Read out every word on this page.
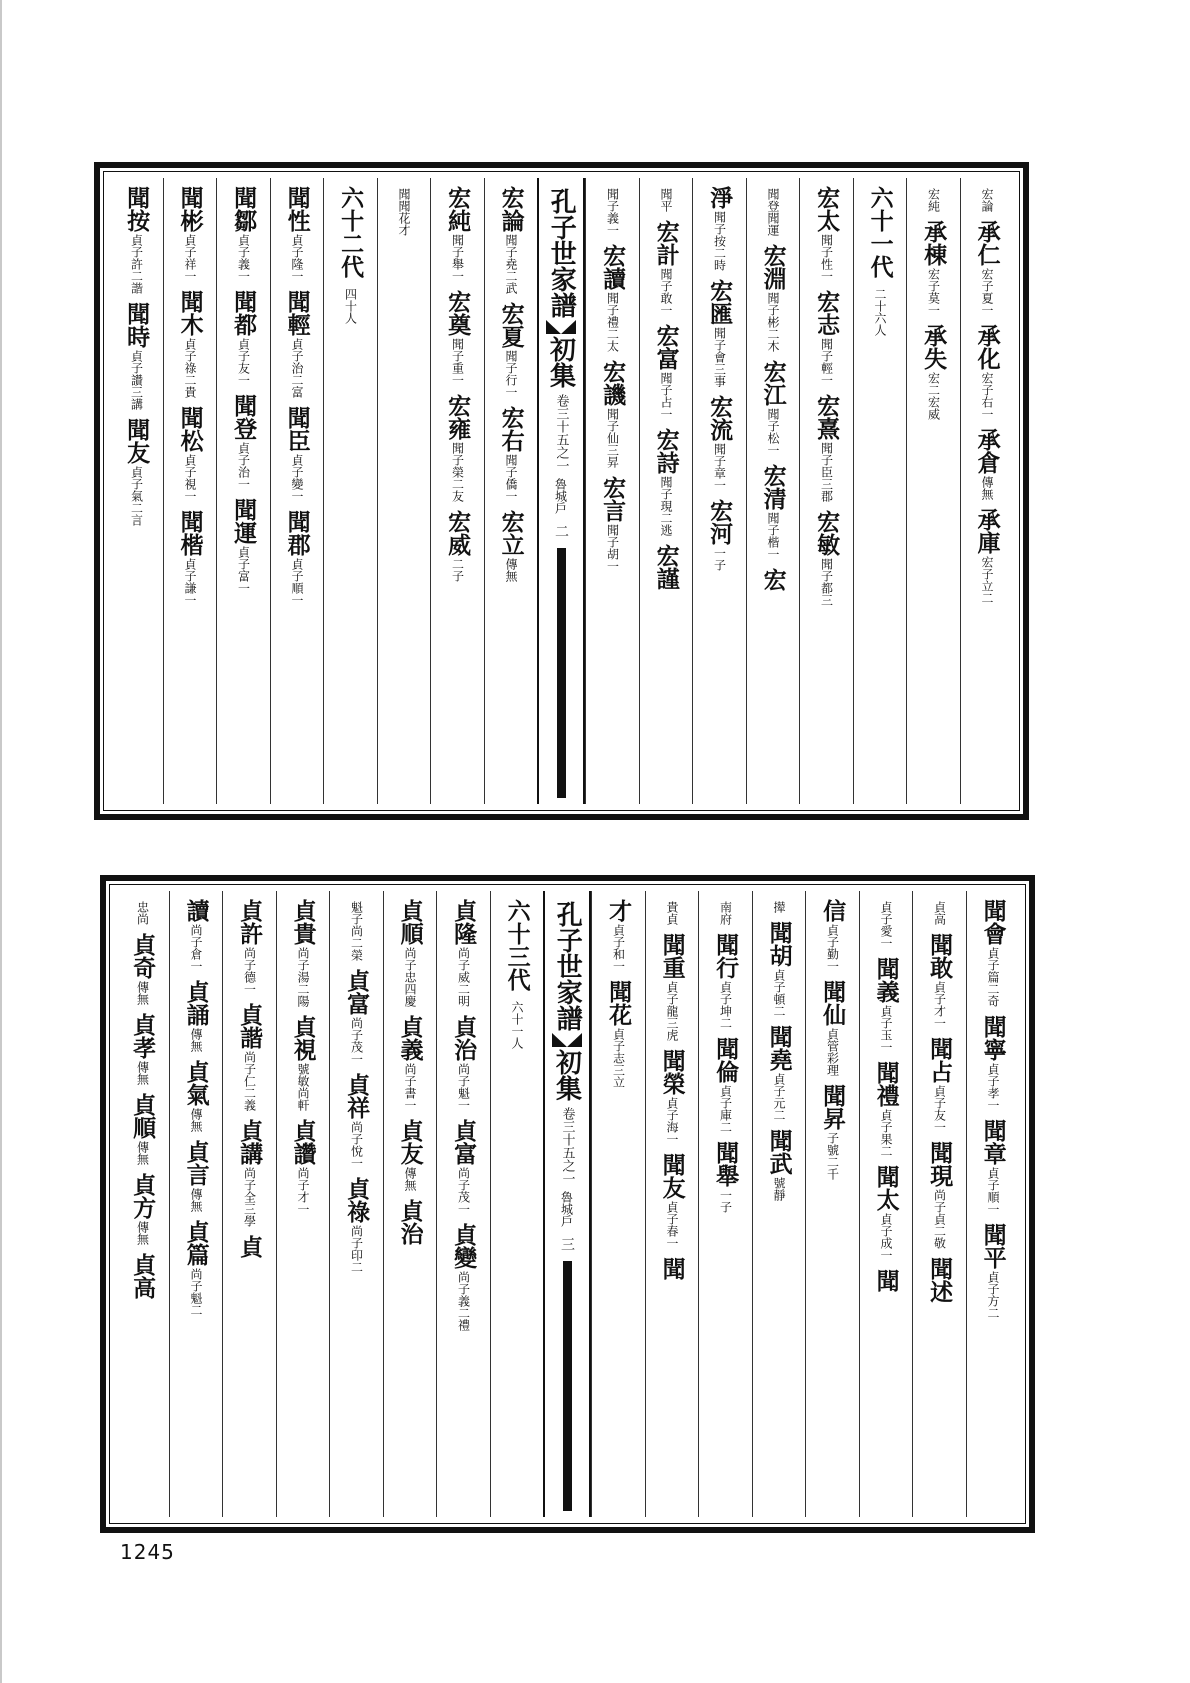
宏論
承仁
宏子夏一
承化
宏子右一
承倉
傳無
承庫
宏子立二
宏純
承棟
宏子莫一
承失
宏二宏威
六十一代
二十六人
宏太
聞子性一
宏志
聞子輕一
宏熹
聞子臣三郡
宏敏
聞子都三
聞登聞運
宏淵
聞子彬二木
宏江
聞子松一
宏清
聞子楷一
宏
淨
聞子按二時
宏匯
聞子會三事
宏流
聞子章一
宏河
一子
聞平
宏計
聞子敢一
宏富
聞子占一
宏詩
聞子現二逃
宏謹
聞子義一
宏讀
聞子禮二太
宏譏
聞子仙三昇
宏言
聞子胡一
孔子世家譜
初集
卷三十五之一
魯城戶
二
宏論
聞子堯二武
宏夏
聞子行一
宏右
聞子僑一
宏立
傳無
宏純
聞子舉一
宏奠
聞子重一
宏雍
聞子榮二友
宏威
二子
聞聞花才
六十二代
四十人
聞性
貞子隆一
聞輕
貞子治二富
聞臣
貞子變一
聞郡
貞子順一
聞鄒
貞子義一
聞都
貞子友一
聞登
貞子治一
聞運
貞子富一
聞彬
貞子祥一
聞木
貞子祿二貴
聞松
貞子視一
聞楷
貞子謙一
聞按
貞子許二諧
聞時
貞子讚三講
聞友
貞子氣二言
聞會
貞子篇二奇
聞寧
貞子孝一
聞章
貞子順一
聞平
貞子方二
貞高
聞敢
貞子才一
聞占
貞子友一
聞現
尚子貞二敬
聞述
貞子愛一
聞義
貞子玉一
聞禮
貞子果二
聞太
貞子成一
聞
信
貞子勤一
聞仙
貞管彩理
聞昇
子號二千
撵
聞胡
貞子頓二
聞堯
貞子元二
聞武
號靜
南府
聞行
貞子坤二
聞倫
貞子庫二
聞舉
一子
貴貞
聞重
貞子龍三虎
聞榮
貞子海一
聞友
貞子春一
聞
才
貞子和一
聞花
貞子志三立
孔子世家譜
初集
卷三十五之一
魯城戶
三
六十三代
六十一人
貞隆
尚子威二明
貞治
尚子魁一
貞富
尚子茂一
貞變
尚子義二禮
貞順
尚子忠四慶
貞義
尚子書一
貞友
傳無
貞治
魁子尚二榮
貞富
尚子茂一
貞祥
尚子悅一
貞祿
尚子印二
貞貴
尚子湯二陽
貞視
號敏尚軒
貞讚
尚子才一
貞許
尚子德一
貞諧
尚子仁二義
貞講
尚子全三學
貞
讀
尚子倉一
貞誦
傳無
貞氣
傳無
貞言
傳無
貞篇
尚子魁二
忠尚
貞奇
傳無
貞孝
傳無
貞順
傳無
貞方
傳無
貞高
1245
